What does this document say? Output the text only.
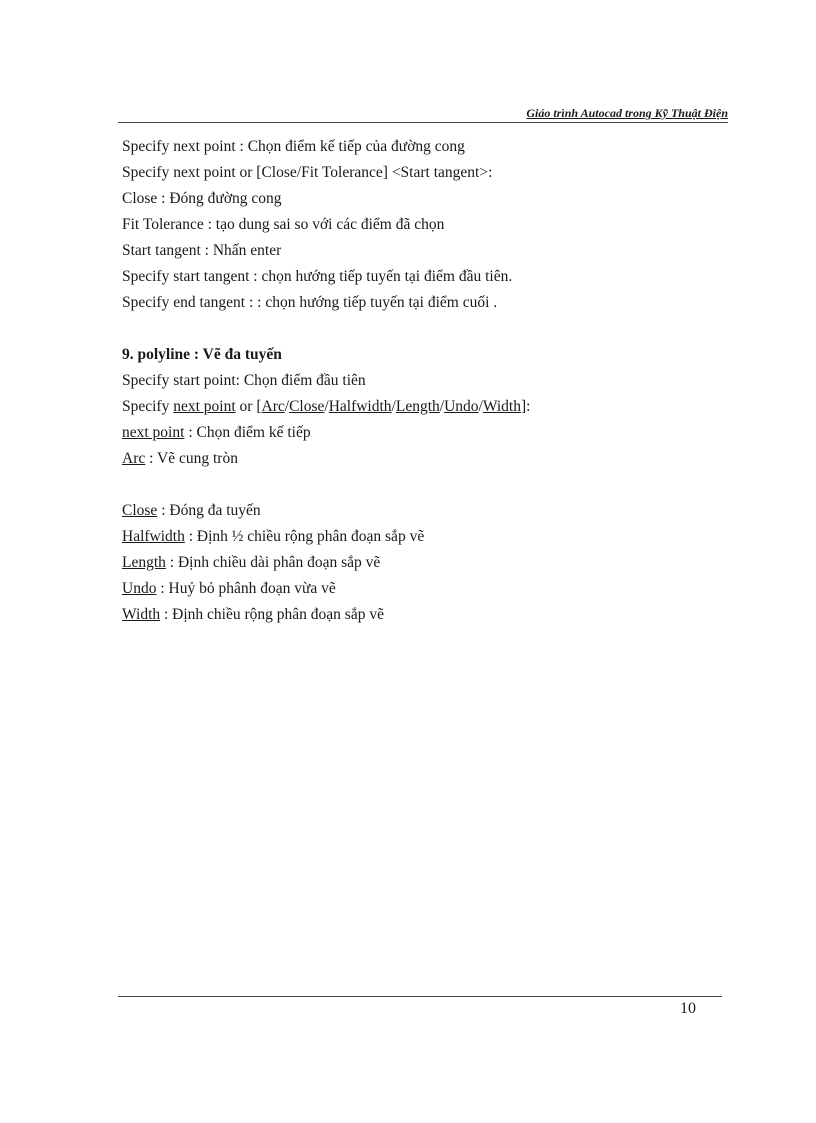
Giáo trình Autocad trong Kỹ Thuật Điện
Specify next point : Chọn điểm kế tiếp của đường cong
Specify next point or [Close/Fit Tolerance] <Start tangent>:
Close : Đóng đường cong
Fit Tolerance : tạo dung sai so với các điểm đã chọn
Start tangent : Nhấn enter
Specify start tangent : chọn hướng tiếp tuyến tại điểm đầu tiên.
Specify end tangent : : chọn hướng tiếp tuyến tại điểm cuối .
9. polyline : Vẽ đa tuyến
Specify start point: Chọn điểm đầu tiên
Specify next point or [Arc/Close/Halfwidth/Length/Undo/Width]:
next point : Chọn điểm kế tiếp
Arc : Vẽ cung tròn
Close : Đóng đa tuyến
Halfwidth : Định ½ chiều rộng phân đoạn sắp vẽ
Length : Định chiều dài phân đoạn sắp vẽ
Undo : Huỷ bỏ phânh đoạn vừa vẽ
Width : Định chiều rộng phân đoạn sắp vẽ
10
